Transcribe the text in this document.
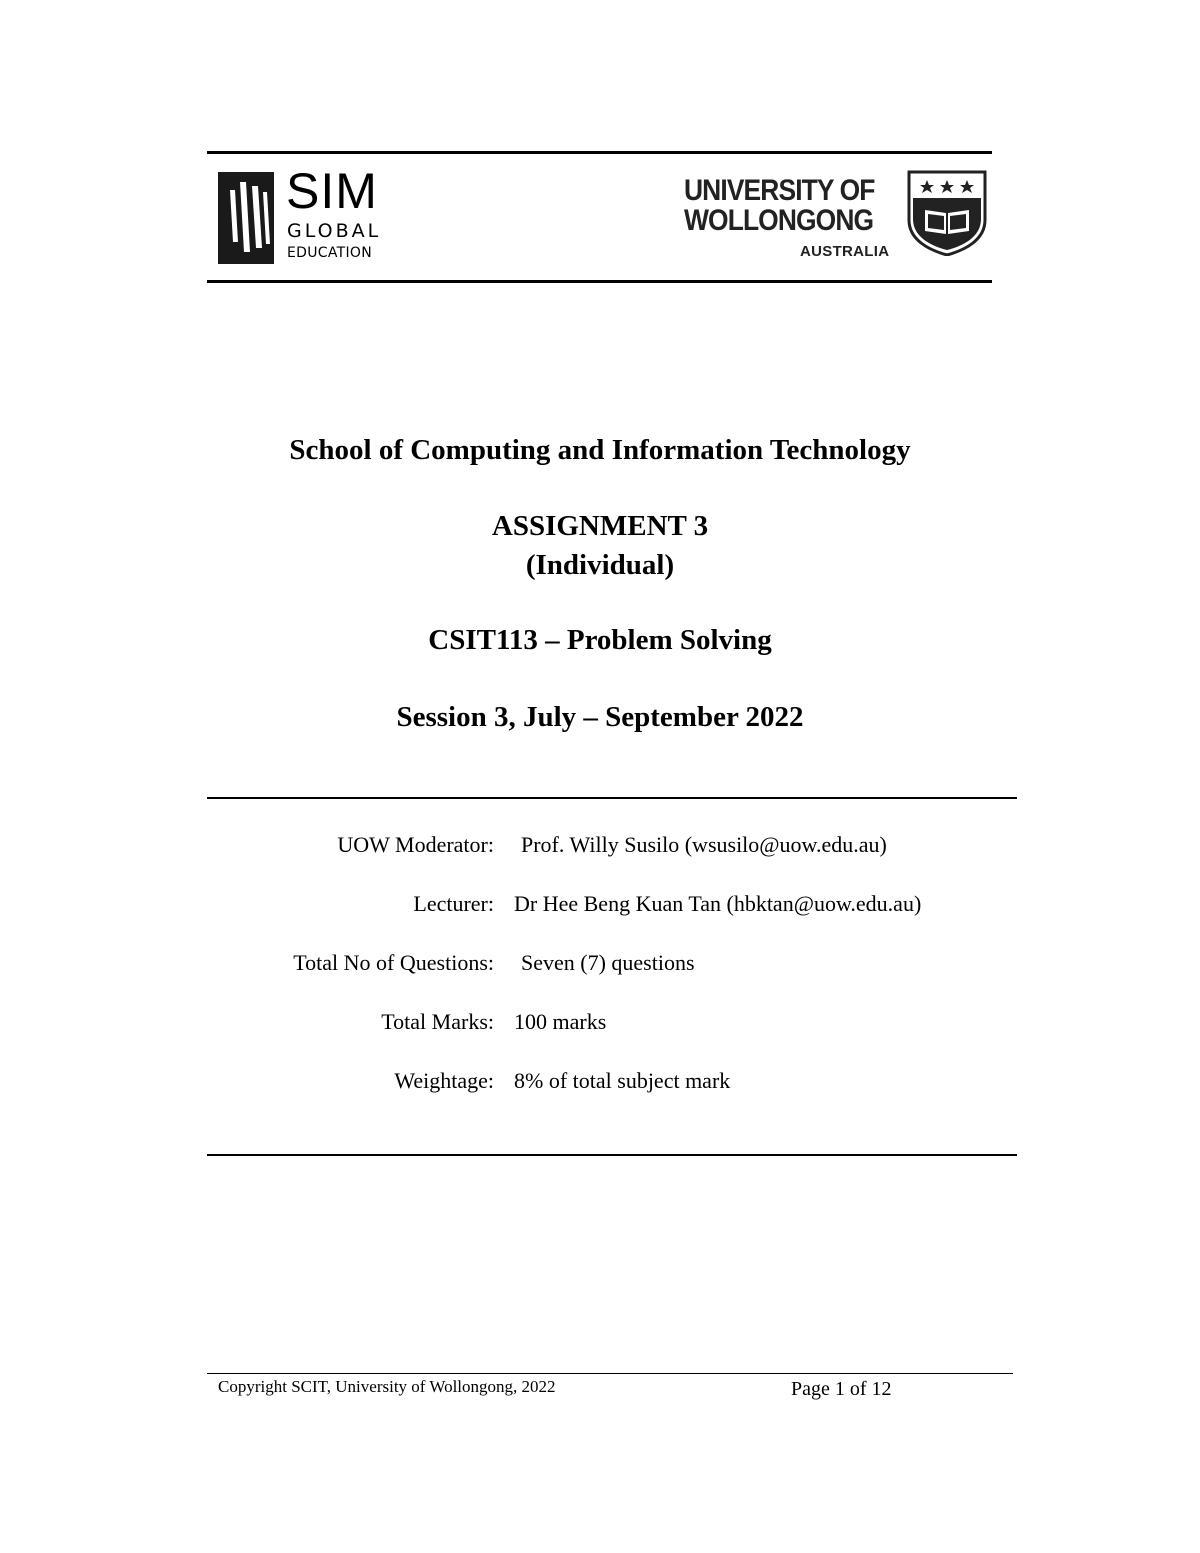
SIM
GLOBAL
EDUCATION
UNIVERSITY OF
WOLLONGONG
AUSTRALIA
School of Computing and Information Technology
ASSIGNMENT 3
(Individual)
CSIT113 – Problem Solving
Session 3, July – September 2022
UOW Moderator: Prof. Willy Susilo (wsusilo@uow.edu.au)
Lecturer: Dr Hee Beng Kuan Tan (hbktan@uow.edu.au)
Total No of Questions: Seven (7) questions
Total Marks: 100 marks
Weightage: 8% of total subject mark
Copyright SCIT, University of Wollongong, 2022	Page 1 of 12
